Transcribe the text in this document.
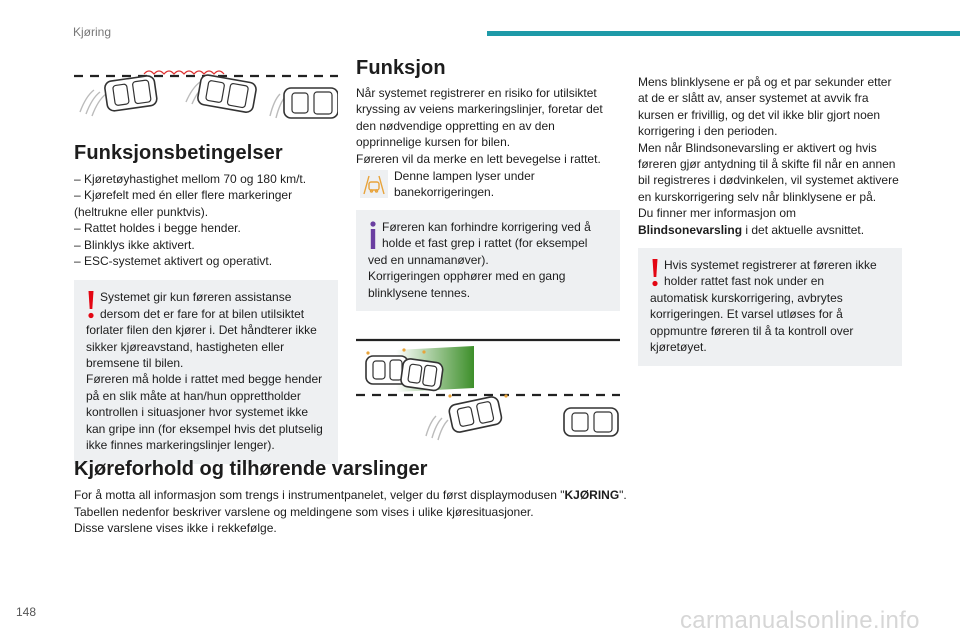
Kjøring
Funksjonsbetingelser

– Kjøretøyhastighet mellom 70 og 180 km/t.

– Kjørefelt med én eller flere markeringer (heltrukne eller punktvis).

– Rattet holdes i begge hender.

– Blinklys ikke aktivert.

– ESC-systemet aktivert og operativt.

Systemet gir kun føreren assistanse dersom det er fare for at bilen utilsiktet
forlater filen den kjører i. Det håndterer ikke sikker kjøreavstand, hastigheten eller bremsene til bilen.

Føreren må holde i rattet med begge hender på en slik måte at han/hun opprettholder kontrollen i situasjoner hvor systemet ikke kan gripe inn (for eksempel hvis det plutselig ikke finnes markeringslinjer lenger).

Funksjon

Når systemet registrerer en risiko for utilsiktet kryssing av veiens markeringslinjer, foretar det den nødvendige oppretting en av den opprinnelige kursen for bilen.

Føreren vil da merke en lett bevegelse i rattet.

Denne lampen lyser under banekorrigeringen.

Føreren kan forhindre korrigering ved å holde et fast grep i rattet (for eksempel
ved en unnamanøver).

Korrigeringen opphører med en gang blinklysene tennes.

Mens blinklysene er på og et par sekunder etter at de er slått av, anser systemet at avvik fra kursen er frivillig, og det vil ikke blir gjort noen korrigering i den perioden.

Men når Blindsonevarsling er aktivert og hvis føreren gjør antydning til å skifte fil når en annen bil registreres i dødvinkelen, vil systemet aktivere en kurskorrigering selv når blinklysene er på.

Du finner mer informasjon om
Blindsonevarsling i det aktuelle avsnittet.

Hvis systemet registrerer at føreren ikke holder rattet fast nok under en
automatisk kurskorrigering, avbrytes korrigeringen. Et varsel utløses for å oppmuntre føreren til å ta kontroll over kjøretøyet.

Kjøreforhold og tilhørende varslinger

For å motta all informasjon som trengs i instrumentpanelet, velger du først displaymodusen "KJØRING".

Tabellen nedenfor beskriver varslene og meldingene som vises i ulike kjøresituasjoner.

Disse varslene vises ikke i rekkefølge.

148	carmanualsonline.info
